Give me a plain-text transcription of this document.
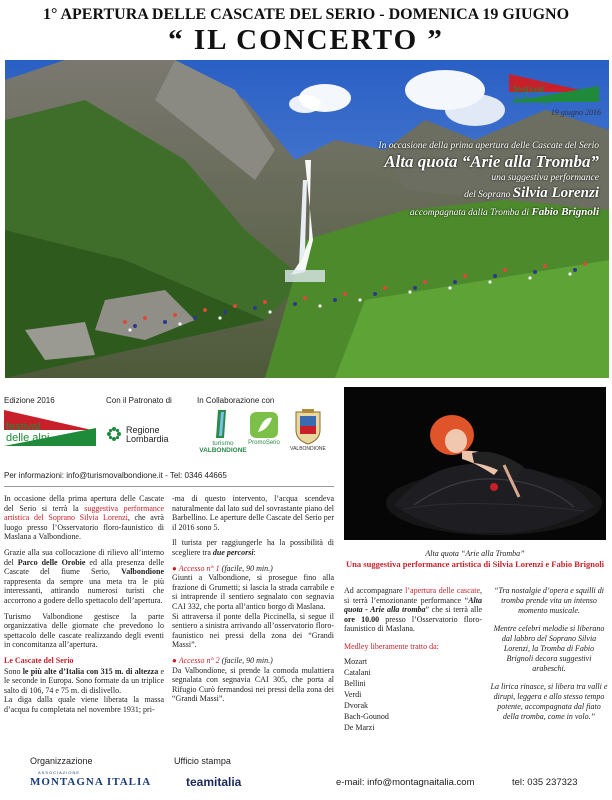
1° APERTURA DELLE CASCATE DEL SERIO - DOMENICA 19 GIUGNO
“ IL CONCERTO ”
festival
delle alpi
19 giugno 2016
In occasione della prima apertura delle Cascate del Serio
Alta quota “Arie alla Tromba”
una suggestiva performance
del Soprano Silvia Lorenzi
accompagnata dalla Tromba di Fabio Brignoli
Edizione 2016	Con il Patronato di	In Collaborazione con
festival
delle alpi
Regione
Lombardia	turismo
VALBONDIONE
PromoSerio
VALBONDIONE
Per informazioni: info@turismovalbondione.it - Tel: 0346 44665
Alta quota “Arie alla Tromba”
Una suggestiva performance artistica di Silvia Lorenzi e Fabio Brignoli

In occasione della prima apertura delle Cascate del Serio si terrà la suggestiva performance artistica del Soprano Silvia Lorenzi, che avrà luogo presso l’Osservatorio floro-faunistico di Maslana a Valbondione.

Grazie alla sua collocazione di rilievo all’interno del Parco delle Orobie ed alla presenza delle Cascate del fiume Serio, Valbondione rappresenta da sempre una meta tra le più interessanti, attirando numerosi turisti che accorrono a godere dello spettacolo dell’apertura.

Turismo Valbondione gestisce la parte organizzativa delle giornate che prevedono lo spettacolo delle cascate realizzando degli eventi in concomitanza all’apertura.

Le Cascate del Serio

Sono le più alte d’Italia con 315 m. di altezza e le seconde in Europa. Sono formate da un triplice salto di 106, 74 e 75 m. di dislivello.

La diga dalla quale viene liberata la massa d’acqua fu completata nel novembre 1931; pri-

-ma di questo intervento, l’acqua scendeva naturalmente dal lato sud del sovrastante piano del Barbellino. Le aperture delle Cascate del Serio per il 2016 sono 5.

Il turista per raggiungerle ha la possibilità di scegliere tra due percorsi:

● Accesso n° 1 (facile, 90 min.)
Giunti a Valbondione, si prosegue fino alla frazione di Grumetti; si lascia la strada carrabile e si intraprende il sentiero segnalato con segnavia CAI 332, che porta all’antico borgo di Maslana.
Si attraversa il ponte della Piccinella, si segue il sentiero a sinistra arrivando all’osservatorio floro-faunistico nei pressi della zona dei “Grandi Massi”.
● Accesso n° 2 (facile, 90 min.)
Da Valbondione, si prende la comoda mulattiera segnalata con segnavia CAI 305, che porta al Rifugio Curò fermandosi nei pressi della zona dei “Grandi Massi”.

Ad accompagnare l’apertura delle cascate, si terrà l’emozionante performance “Alta quota - Arie alla tromba” che si terrà alle ore 10.00 presso l’Osservatorio floro-faunistico di Maslana.

Medley liberamente tratto da:
Mozart
Catalani
Bellini
Verdi
Dvorak
Bach-Gounod
De Marzi

“Tra nostalgie d’opera e squilli di tromba prende vita un intenso momento musicale.

Mentre celebri melodie si liberano dal labbro del Soprano Silvia Lorenzi, la Tromba di Fabio Brignoli decora suggestivi arabeschi.

La lirica rinasce, si libera tra valli e dirupi, leggera e allo stesso tempo potente, accompagnata dal fiato della tromba, come in volo.”

Organizzazione	Ufficio stampa
ASSOCIAZIONE
MONTAGNA ITALIA	teamitalia	e-mail: info@montagnaitalia.com	tel: 035 237323
